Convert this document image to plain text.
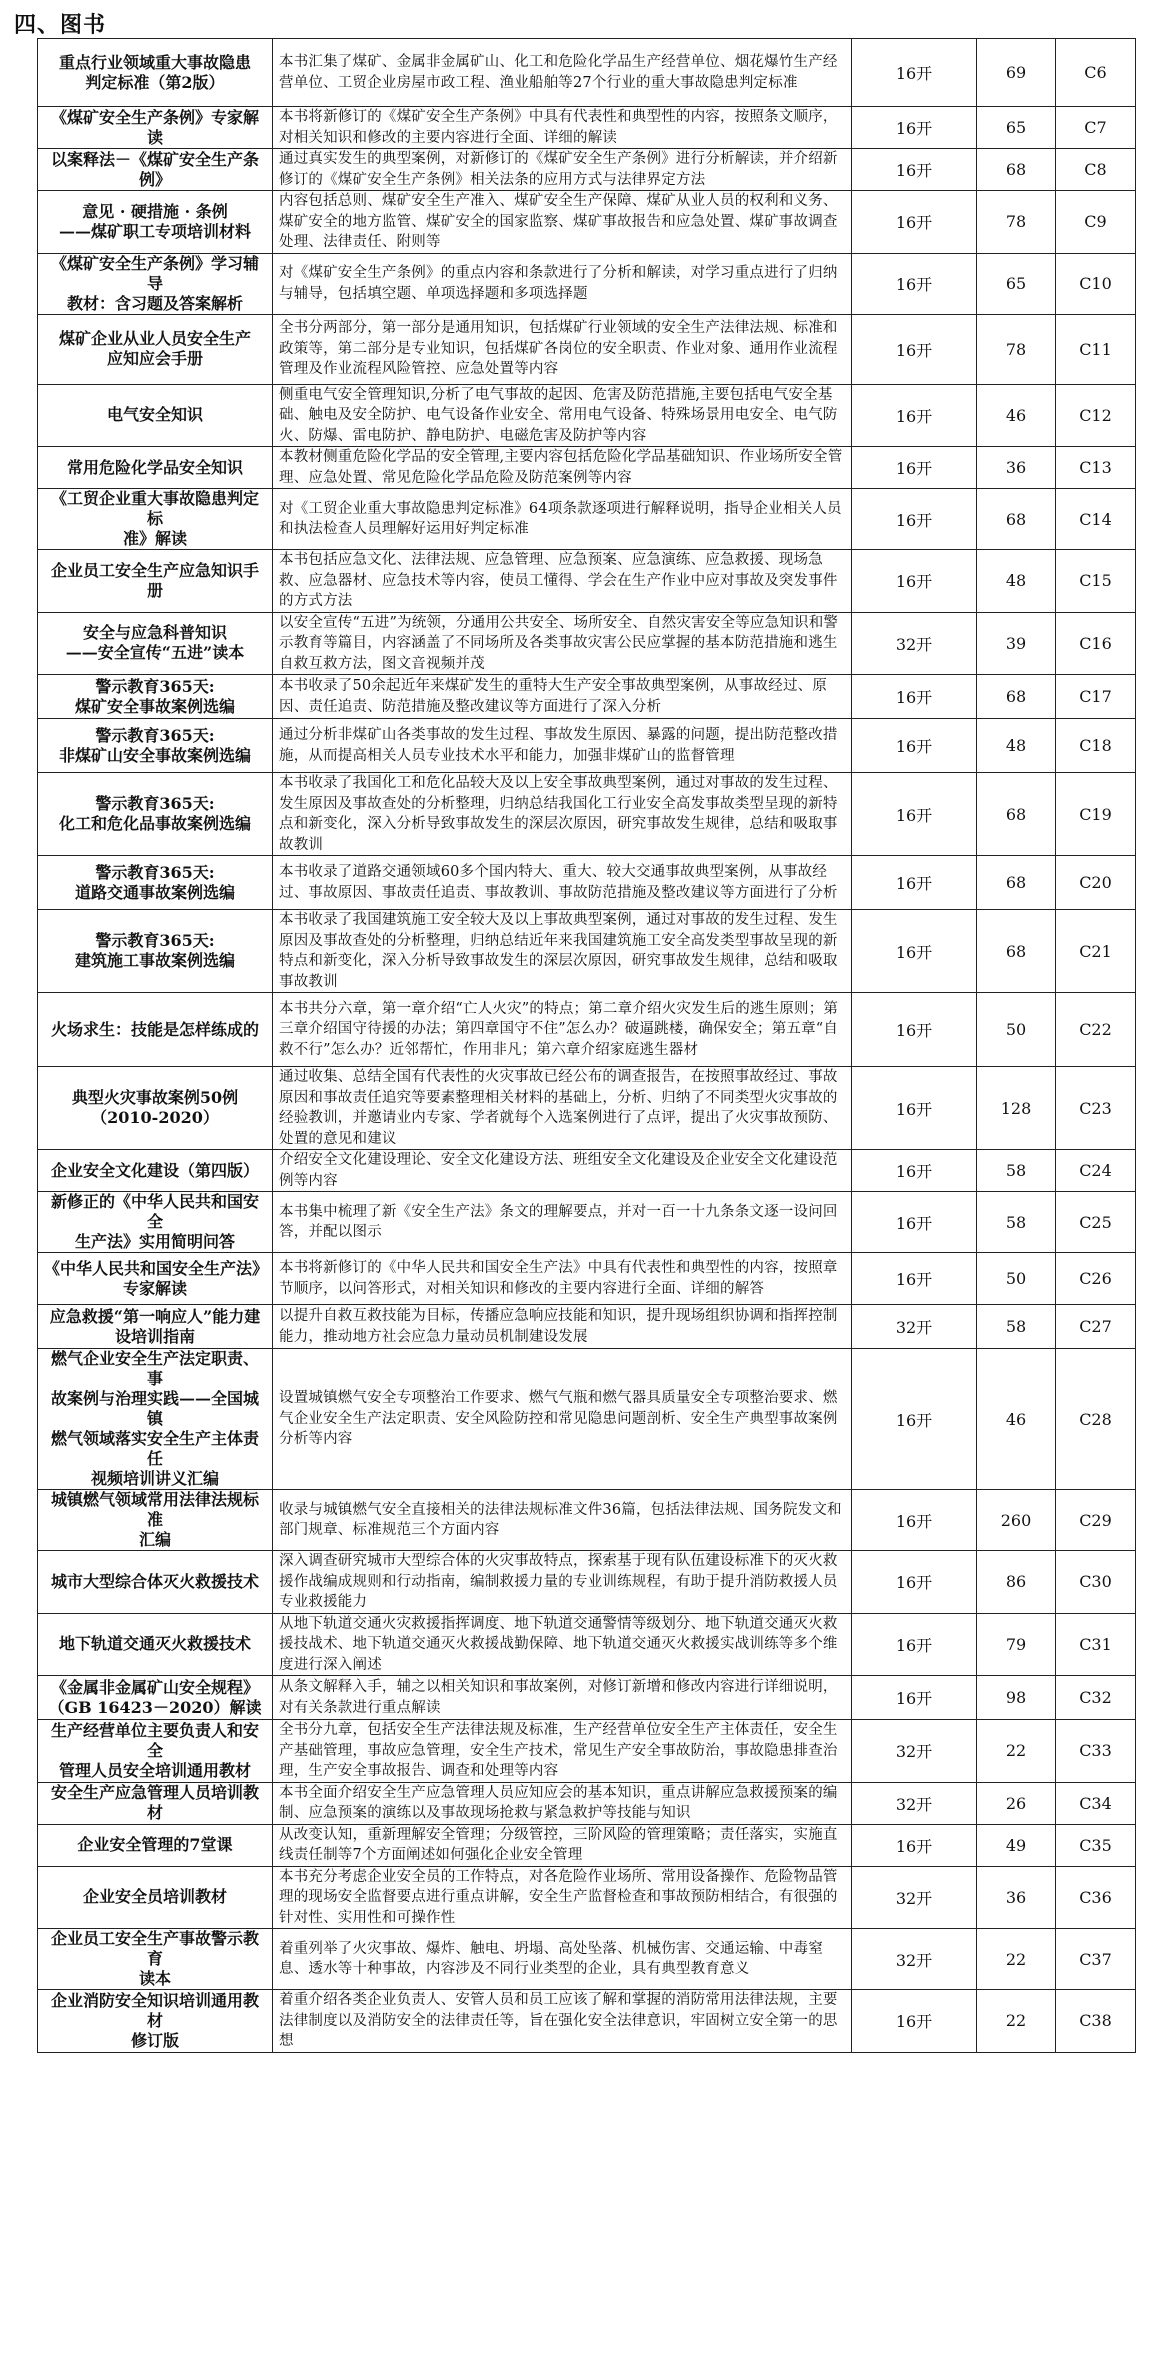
四、图书
重点行业领域重大事故隐患
判定标准（第2版）	本书汇集了煤矿、金属非金属矿山、化工和危险化学品生产经营单位、烟花爆竹生产经营单位、工贸企业房屋市政工程、渔业船舶等27个行业的重大事故隐患判定标准	16开	69	C6

《煤矿安全生产条例》专家解读	本书将新修订的《煤矿安全生产条例》中具有代表性和典型性的内容，按照条文顺序，对相关知识和修改的主要内容进行全面、详细的解读	16开	65	C7

以案释法－《煤矿安全生产条例》	通过真实发生的典型案例，对新修订的《煤矿安全生产条例》进行分析解读，并介绍新修订的《煤矿安全生产条例》相关法条的应用方式与法律界定方法	16开	68	C8

意见 · 硬措施 · 条例
——煤矿职工专项培训材料	内容包括总则、煤矿安全生产准入、煤矿安全生产保障、煤矿从业人员的权利和义务、煤矿安全的地方监管、煤矿安全的国家监察、煤矿事故报告和应急处置、煤矿事故调查处理、法律责任、附则等	16开	78	C9

《煤矿安全生产条例》学习辅导
教材：含习题及答案解析	对《煤矿安全生产条例》的重点内容和条款进行了分析和解读，对学习重点进行了归纳与辅导，包括填空题、单项选择题和多项选择题	16开	65	C10

煤矿企业从业人员安全生产
应知应会手册	全书分两部分，第一部分是通用知识，包括煤矿行业领域的安全生产法律法规、标准和政策等，第二部分是专业知识，包括煤矿各岗位的安全职责、作业对象、通用作业流程管理及作业流程风险管控、应急处置等内容	16开	78	C11

电气安全知识	侧重电气安全管理知识,分析了电气事故的起因、危害及防范措施,主要包括电气安全基础、触电及安全防护、电气设备作业安全、常用电气设备、特殊场景用电安全、电气防火、防爆、雷电防护、静电防护、电磁危害及防护等内容	16开	46	C12

常用危险化学品安全知识	本教材侧重危险化学品的安全管理,主要内容包括危险化学品基础知识、作业场所安全管理、应急处置、常见危险化学品危险及防范案例等内容	16开	36	C13

《工贸企业重大事故隐患判定标
准》解读	对《工贸企业重大事故隐患判定标准》64项条款逐项进行解释说明，指导企业相关人员和执法检查人员理解好运用好判定标准	16开	68	C14

企业员工安全生产应急知识手册	本书包括应急文化、法律法规、应急管理、应急预案、应急演练、应急救援、现场急救、应急器材、应急技术等内容，使员工懂得、学会在生产作业中应对事故及突发事件的方式方法	16开	48	C15

安全与应急科普知识
——安全宣传“五进”读本	以安全宣传“五进”为统领，分通用公共安全、场所安全、自然灾害安全等应急知识和警示教育等篇目，内容涵盖了不同场所及各类事故灾害公民应掌握的基本防范措施和逃生自救互救方法，图文音视频并茂	32开	39	C16

警示教育365天:
煤矿安全事故案例选编	本书收录了50余起近年来煤矿发生的重特大生产安全事故典型案例，从事故经过、原因、责任追责、防范措施及整改建议等方面进行了深入分析	16开	68	C17

警示教育365天:
非煤矿山安全事故案例选编	通过分析非煤矿山各类事故的发生过程、事故发生原因、暴露的问题，提出防范整改措施，从而提高相关人员专业技术水平和能力，加强非煤矿山的监督管理	16开	48	C18

警示教育365天:
化工和危化品事故案例选编	本书收录了我国化工和危化品较大及以上安全事故典型案例，通过对事故的发生过程、发生原因及事故查处的分析整理，归纳总结我国化工行业安全高发事故类型呈现的新特点和新变化，深入分析导致事故发生的深层次原因，研究事故发生规律，总结和吸取事故教训	16开	68	C19

警示教育365天:
道路交通事故案例选编	本书收录了道路交通领域60多个国内特大、重大、较大交通事故典型案例，从事故经过、事故原因、事故责任追责、事故教训、事故防范措施及整改建议等方面进行了分析	16开	68	C20

警示教育365天:
建筑施工事故案例选编	本书收录了我国建筑施工安全较大及以上事故典型案例，通过对事故的发生过程、发生原因及事故查处的分析整理，归纳总结近年来我国建筑施工安全高发类型事故呈现的新特点和新变化，深入分析导致事故发生的深层次原因，研究事故发生规律，总结和吸取事故教训	16开	68	C21

火场求生：技能是怎样练成的	本书共分六章，第一章介绍“亡人火灾”的特点；第二章介绍火灾发生后的逃生原则；第三章介绍国守待援的办法；第四章国守不住”怎么办？破逼跳楼，确保安全；第五章“自救不行”怎么办？近邻帮忙，作用非凡；第六章介绍家庭逃生器材	16开	50	C22

典型火灾事故案例50例
（2010-2020）	通过收集、总结全国有代表性的火灾事故已经公布的调查报告，在按照事故经过、事故原因和事故责任追究等要素整理相关材料的基础上，分析、归纳了不同类型火灾事故的经验教训，并邀请业内专家、学者就每个入选案例进行了点评，提出了火灾事故预防、处置的意见和建议	16开	128	C23

企业安全文化建设（第四版）	介绍安全文化建设理论、安全文化建设方法、班组安全文化建设及企业安全文化建设范例等内容	16开	58	C24

新修正的《中华人民共和国安全
生产法》实用简明问答	本书集中梳理了新《安全生产法》条文的理解要点，并对一百一十九条条文逐一设问回答，并配以图示	16开	58	C25

《中华人民共和国安全生产法》
专家解读	本书将新修订的《中华人民共和国安全生产法》中具有代表性和典型性的内容，按照章节顺序，以问答形式，对相关知识和修改的主要内容进行全面、详细的解答	16开	50	C26

应急救援“第一响应人”能力建
设培训指南	以提升自救互救技能为目标，传播应急响应技能和知识，提升现场组织协调和指挥控制能力，推动地方社会应急力量动员机制建设发展	32开	58	C27

燃气企业安全生产法定职责、事
故案例与治理实践——全国城镇
燃气领域落实安全生产主体责任
视频培训讲义汇编	设置城镇燃气安全专项整治工作要求、燃气气瓶和燃气器具质量安全专项整治要求、燃气企业安全生产法定职责、安全风险防控和常见隐患问题剖析、安全生产典型事故案例分析等内容	16开	46	C28

城镇燃气领域常用法律法规标准
汇编	收录与城镇燃气安全直接相关的法律法规标准文件36篇，包括法律法规、国务院发文和部门规章、标准规范三个方面内容	16开	260	C29

城市大型综合体灭火救援技术	深入调查研究城市大型综合体的火灾事故特点，探索基于现有队伍建设标准下的灭火救援作战编成规则和行动指南，编制救援力量的专业训练规程，有助于提升消防救援人员专业救援能力	16开	86	C30

地下轨道交通灭火救援技术	从地下轨道交通火灾救援指挥调度、地下轨道交通警情等级划分、地下轨道交通灭火救援技战术、地下轨道交通灭火救援战勤保障、地下轨道交通灭火救援实战训练等多个维度进行深入阐述	16开	79	C31

《金属非金属矿山安全规程》
（GB 16423－2020）解读	从条文解释入手，辅之以相关知识和事故案例，对修订新增和修改内容进行详细说明，对有关条款进行重点解读	16开	98	C32

生产经营单位主要负责人和安全
管理人员安全培训通用教材	全书分九章，包括安全生产法律法规及标准，生产经营单位安全生产主体责任，安全生产基础管理，事故应急管理，安全生产技术，常见生产安全事故防治，事故隐患排查治理，生产安全事故报告、调查和处理等内容	32开	22	C33

安全生产应急管理人员培训教材	本书全面介绍安全生产应急管理人员应知应会的基本知识，重点讲解应急救援预案的编制、应急预案的演练以及事故现场抢救与紧急救护等技能与知识	32开	26	C34

企业安全管理的7堂课	从改变认知，重新理解安全管理；分级管控，三阶风险的管理策略；责任落实，实施直线责任制等7个方面阐述如何强化企业安全管理	16开	49	C35

企业安全员培训教材	本书充分考虑企业安全员的工作特点，对各危险作业场所、常用设备操作、危险物品管理的现场安全监督要点进行重点讲解，安全生产监督检查和事故预防相结合，有很强的针对性、实用性和可操作性	32开	36	C36

企业员工安全生产事故警示教育
读本	着重列举了火灾事故、爆炸、触电、坍塌、高处坠落、机械伤害、交通运输、中毒窒息、透水等十种事故，内容涉及不同行业类型的企业，具有典型教育意义	32开	22	C37

企业消防安全知识培训通用教材
修订版	着重介绍各类企业负责人、安管人员和员工应该了解和掌握的消防常用法律法规，主要法律制度以及消防安全的法律责任等，旨在强化安全法律意识，牢固树立安全第一的思想	16开	22	C38
